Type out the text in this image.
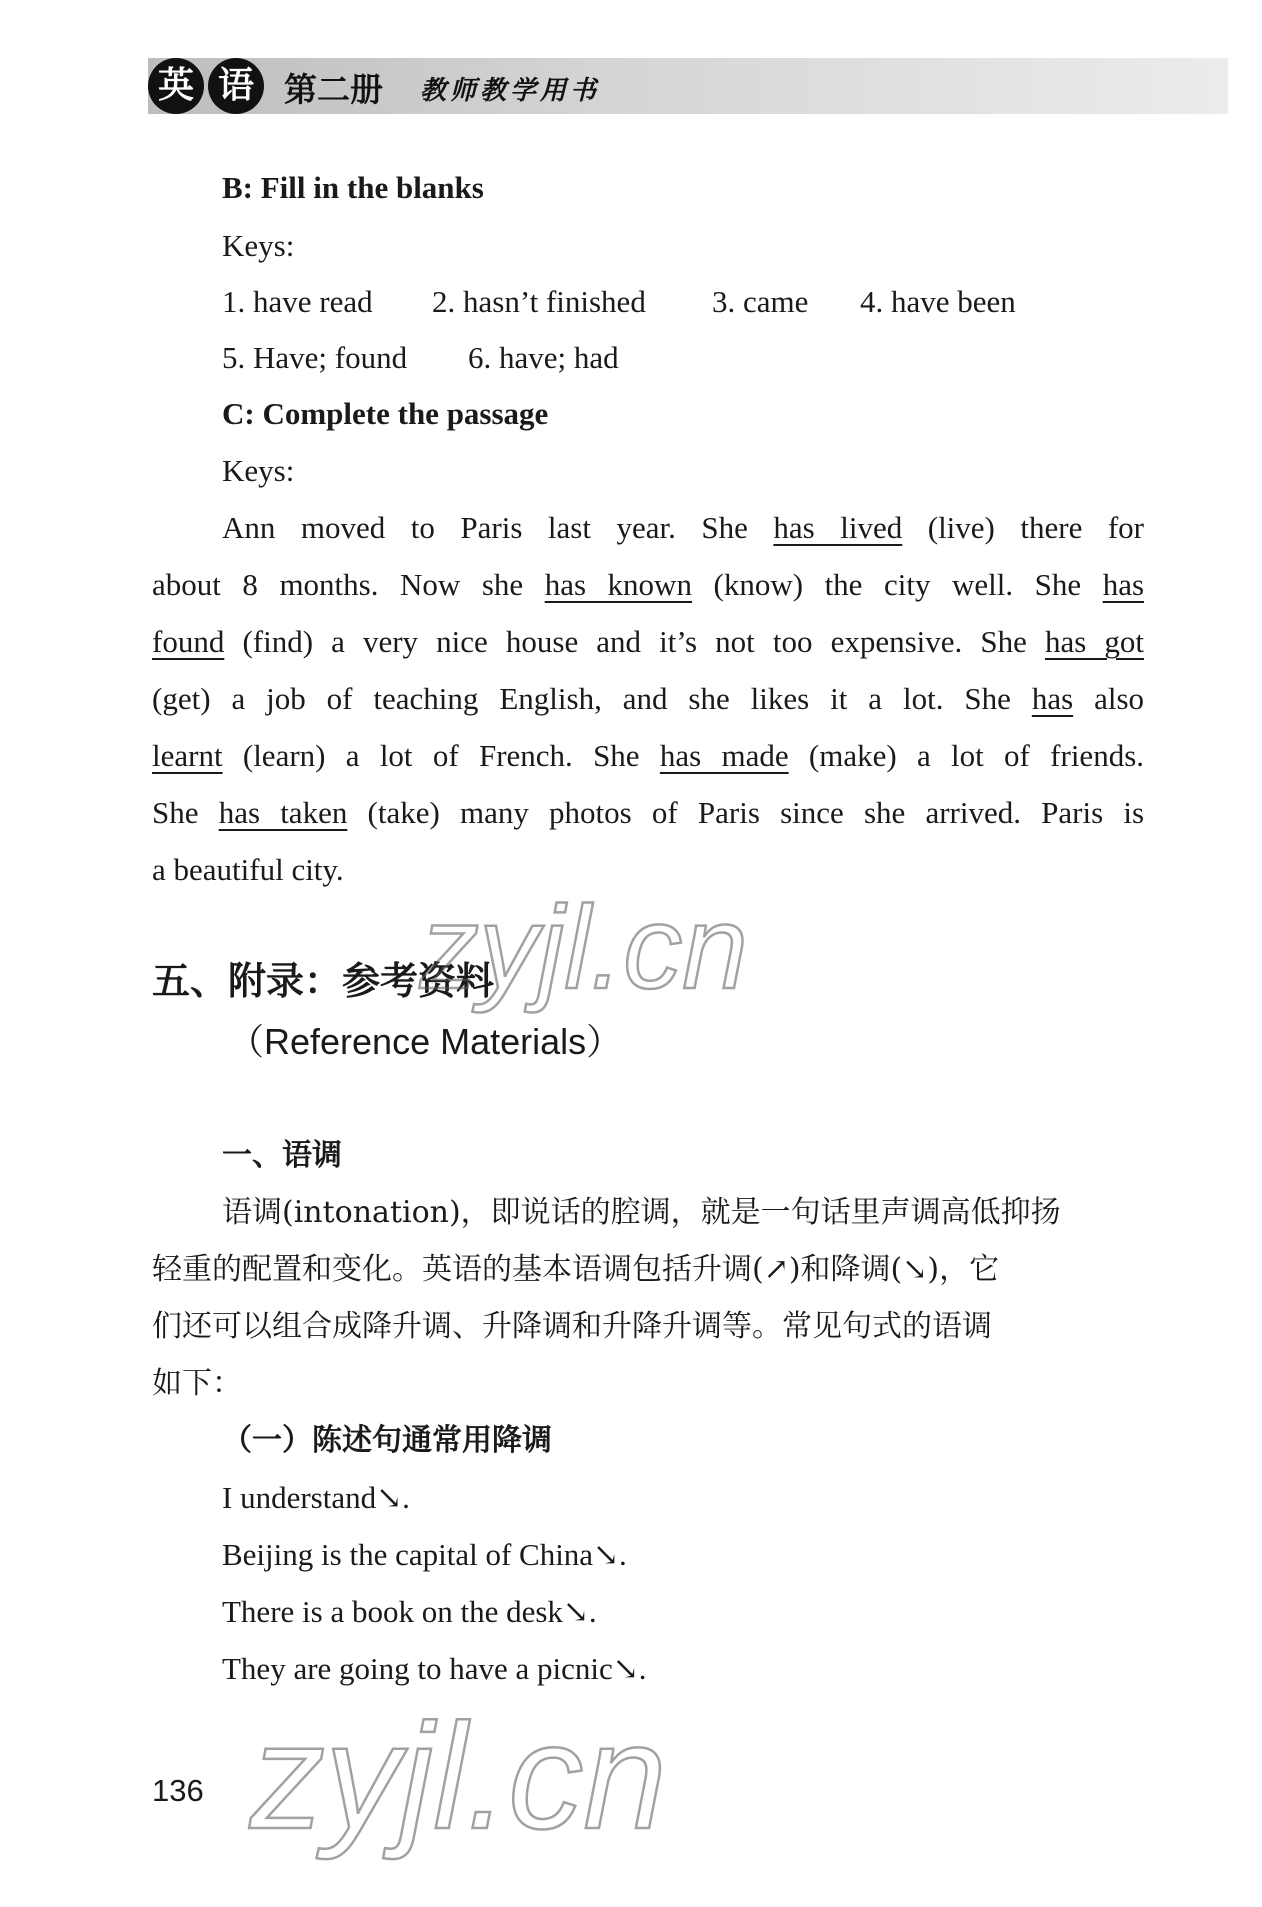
英 语 第二册 教师教学用书
B: Fill in the blanks
Keys:
1. have read 2. hasn’t finished 3. came 4. have been
5. Have; found 6. have; had
C: Complete the passage
Keys:
Ann moved to Paris last year. She has lived (live) there for
about 8 months. Now she has known (know) the city well. She has
found (find) a very nice house and it’s not too expensive. She has got
(get) a job of teaching English, and she likes it a lot. She has also
learnt (learn) a lot of French. She has made (make) a lot of friends.
She has taken (take) many photos of Paris since she arrived. Paris is
a beautiful city.
五、附录：参考资料
（Reference Materials）
一、语调
语调(intonation)，即说话的腔调，就是一句话里声调高低抑扬
轻重的配置和变化。英语的基本语调包括升调(↗)和降调(↘)，它
们还可以组合成降升调、升降调和升降升调等。常见句式的语调
如下：
（一）陈述句通常用降调
I understand↘.
Beijing is the capital of China↘.
There is a book on the desk↘.
They are going to have a picnic↘.
136
zyjl.cn
zyjl.cn
